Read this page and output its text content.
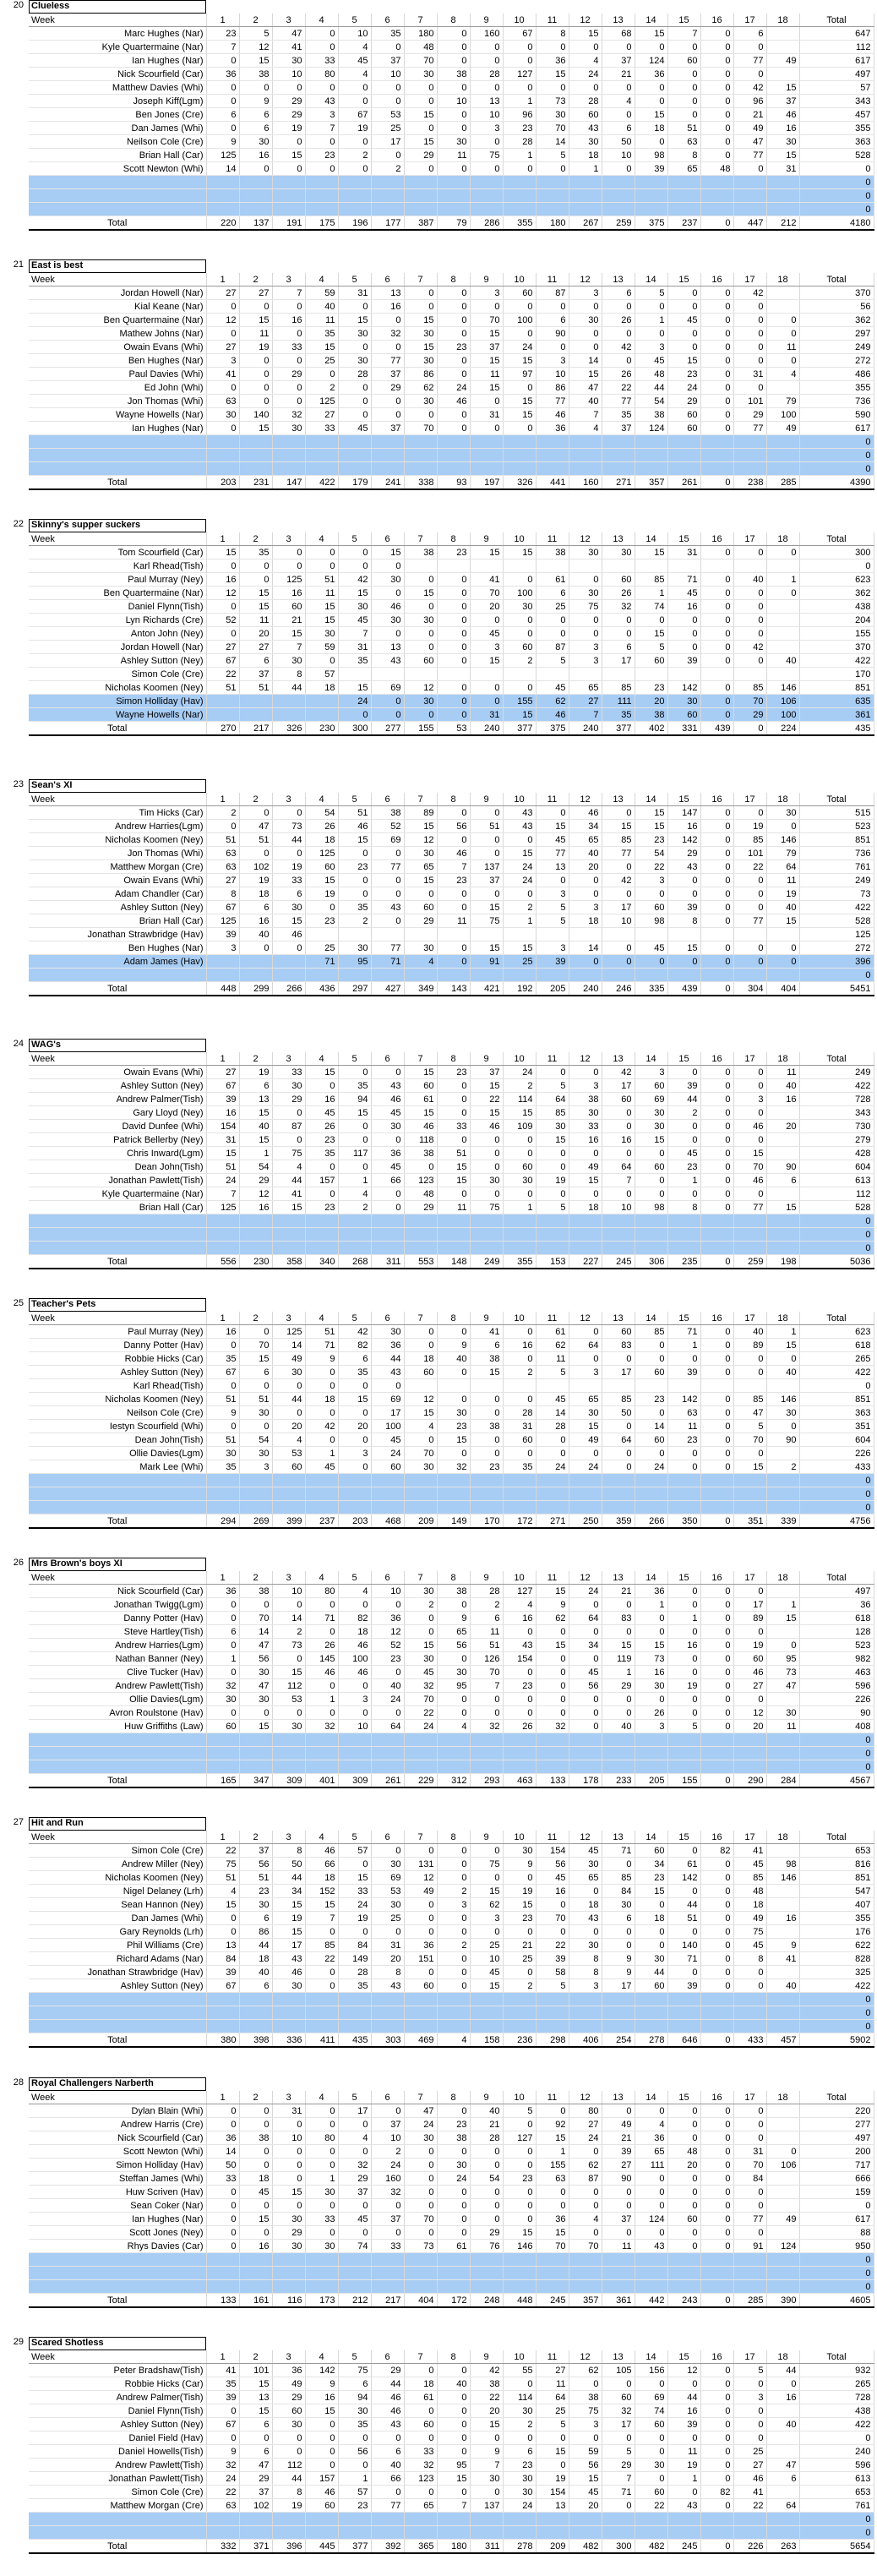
20 Clueless
Week	1	2	3	4	5	6	7	8	9	10	11	12	13	14	15	16	17	18	Total	
Marc Hughes (Nar)	23	5	47	0	10	35	180	0	160	67	8	15	68	15	7	0	6		647	
Kyle Quartermaine (Nar)	7	12	41	0	4	0	48	0	0	0	0	0	0	0	0	0	0		112	
Ian Hughes (Nar)	0	15	30	33	45	37	70	0	0	0	36	4	37	124	60	0	77	49	617	
Nick Scourfield (Car)	36	38	10	80	4	10	30	38	28	127	15	24	21	36	0	0	0		497	
Matthew Davies (Whi)	0	0	0	0	0	0	0	0	0	0	0	0	0	0	0	0	42	15	57	
Joseph Kiff(Lgm)	0	9	29	43	0	0	0	10	13	1	73	28	4	0	0	0	96	37	343	
Ben Jones (Cre)	6	6	29	3	67	53	15	0	10	96	30	60	0	15	0	0	21	46	457	
Dan James (Whi)	0	6	19	7	19	25	0	0	3	23	70	43	6	18	51	0	49	16	355	
Neilson Cole (Cre)	9	30	0	0	0	17	15	30	0	28	14	30	50	0	63	0	47	30	363	
Brian Hall (Car)	125	16	15	23	2	0	29	11	75	1	5	18	10	98	8	0	77	15	528	
Scott Newton (Whi)	14	0	0	0	0	2	0	0	0	0	0	1	0	39	65	48	0	31	0	
																			0	
																			0	
																			0	
Total	220	137	191	175	196	177	387	79	286	355	180	267	259	375	237	0	447	212	4180	
21 East is best
Week	1	2	3	4	5	6	7	8	9	10	11	12	13	14	15	16	17	18	Total
Jordan Howell (Nar)	27	27	7	59	31	13	0	0	3	60	87	3	6	5	0	0	42		370
Kial Keane (Nar)	0	0	0	40	0	16	0	0	0	0	0	0	0	0	0	0	0		56
Ben Quartermaine (Nar)	12	15	16	11	15	0	15	0	70	100	6	30	26	1	45	0	0	0	362
Mathew Johns (Nar)	0	11	0	35	30	32	30	0	15	0	90	0	0	0	0	0	0	0	297
Owain Evans (Whi)	27	19	33	15	0	0	15	23	37	24	0	0	42	3	0	0	0	11	249
Ben Hughes (Nar)	3	0	0	25	30	77	30	0	15	15	3	14	0	45	15	0	0	0	272
Paul Davies (Whi)	41	0	29	0	28	37	86	0	11	97	10	15	26	48	23	0	31	4	486
Ed John (Whi)	0	0	0	2	0	29	62	24	15	0	86	47	22	44	24	0	0		355
Jon Thomas (Whi)	63	0	0	125	0	0	30	46	0	15	77	40	77	54	29	0	101	79	736
Wayne Howells (Nar)	30	140	32	27	0	0	0	0	31	15	46	7	35	38	60	0	29	100	590
Ian Hughes (Nar)	0	15	30	33	45	37	70	0	0	0	36	4	37	124	60	0	77	49	617
																			0
																			0
																			0
Total	203	231	147	422	179	241	338	93	197	326	441	160	271	357	261	0	238	285	4390
22 Skinny's supper suckers
Week	1	2	3	4	5	6	7	8	9	10	11	12	13	14	15	16	17	18	Total	
Tom Scourfield (Car)	15	35	0	0	0	15	38	23	15	15	38	30	30	15	31	0	0	0	300	
Karl Rhead(Tish)	0	0	0	0	0	0													0	
Paul Murray (Ney)	16	0	125	51	42	30	0	0	41	0	61	0	60	85	71	0	40	1	623	
Ben Quartermaine (Nar)	12	15	16	11	15	0	15	0	70	100	6	30	26	1	45	0	0	0	362	
Daniel Flynn(Tish)	0	15	60	15	30	46	0	0	20	30	25	75	32	74	16	0	0		438	
Lyn Richards (Cre)	52	11	21	15	45	30	30	0	0	0	0	0	0	0	0	0	0		204	
Anton John (Ney)	0	20	15	30	7	0	0	0	45	0	0	0	0	15	0	0	0		155	
Jordan Howell (Nar)	27	27	7	59	31	13	0	0	3	60	87	3	6	5	0	0	42		370	
Ashley Sutton (Ney)	67	6	30	0	35	43	60	0	15	2	5	3	17	60	39	0	0	40	422	
Simon Cole (Cre)	22	37	8	57															170	
Nicholas Koomen (Ney)	51	51	44	18	15	69	12	0	0	0	45	65	85	23	142	0	85	146	851	
Simon Holliday (Hav)					24	0	30	0	0	155	62	27	111	20	30	0	70	106	635	
Wayne Howells (Nar)					0	0	0	0	31	15	46	7	35	38	60	0	29	100	361	
Total	270	217	326	230	300	277	155	53	240	377	375	240	377	402	331	439	0	224	435	
23 Sean's XI
Week	1	2	3	4	5	6	7	8	9	10	11	12	13	14	15	16	17	18	Total
Tim Hicks (Car)	2	0	0	54	51	38	89	0	0	43	0	46	0	15	147	0	0	30	515
Andrew Harries(Lgm)	0	47	73	26	46	52	15	56	51	43	15	34	15	15	16	0	19	0	523
Nicholas Koomen (Ney)	51	51	44	18	15	69	12	0	0	0	45	65	85	23	142	0	85	146	851
Jon Thomas (Whi)	63	0	0	125	0	0	30	46	0	15	77	40	77	54	29	0	101	79	736
Matthew Morgan (Cre)	63	102	19	60	23	77	65	7	137	24	13	20	0	22	43	0	22	64	761
Owain Evans (Whi)	27	19	33	15	0	0	15	23	37	24	0	0	42	3	0	0	0	11	249
Adam Chandler (Car)	8	18	6	19	0	0	0	0	0	0	3	0	0	0	0	0	0	19	73
Ashley Sutton (Ney)	67	6	30	0	35	43	60	0	15	2	5	3	17	60	39	0	0	40	422
Brian Hall (Car)	125	16	15	23	2	0	29	11	75	1	5	18	10	98	8	0	77	15	528
Jonathan Strawbridge (Hav)	39	40	46																125
Ben Hughes (Nar)	3	0	0	25	30	77	30	0	15	15	3	14	0	45	15	0	0	0	272
Adam James (Hav)				71	95	71	4	0	91	25	39	0	0	0	0	0	0	0	396
																			0
Total	448	299	266	436	297	427	349	143	421	192	205	240	246	335	439	0	304	404	5451
24 WAG's
Week	1	2	3	4	5	6	7	8	9	10	11	12	13	14	15	16	17	18	Total
Owain Evans (Whi)	27	19	33	15	0	0	15	23	37	24	0	0	42	3	0	0	0	11	249
Ashley Sutton (Ney)	67	6	30	0	35	43	60	0	15	2	5	3	17	60	39	0	0	40	422
Andrew Palmer(Tish)	39	13	29	16	94	46	61	0	22	114	64	38	60	69	44	0	3	16	728
Gary Lloyd (Ney)	16	15	0	45	15	45	15	0	15	15	85	30	0	30	2	0	0		343
David Dunfee (Whi)	154	40	87	26	0	30	46	33	46	109	30	33	0	30	0	0	46	20	730
Patrick Bellerby (Ney)	31	15	0	23	0	0	118	0	0	0	15	16	16	15	0	0	0		279
Chris Inward(Lgm)	15	1	75	35	117	36	38	51	0	0	0	0	0	0	45	0	15		428
Dean John(Tish)	51	54	4	0	0	45	0	15	0	60	0	49	64	60	23	0	70	90	604
Jonathan Pawlett(Tish)	24	29	44	157	1	66	123	15	30	30	19	15	7	0	1	0	46	6	613
Kyle Quartermaine (Nar)	7	12	41	0	4	0	48	0	0	0	0	0	0	0	0	0	0		112
Brian Hall (Car)	125	16	15	23	2	0	29	11	75	1	5	18	10	98	8	0	77	15	528
																			0
																			0
																			0
Total	556	230	358	340	268	311	553	148	249	355	153	227	245	306	235	0	259	198	5036
25 Teacher's Pets
Week	1	2	3	4	5	6	7	8	9	10	11	12	13	14	15	16	17	18	Total
Paul Murray (Ney)	16	0	125	51	42	30	0	0	41	0	61	0	60	85	71	0	40	1	623
Danny Potter (Hav)	0	70	14	71	82	36	0	9	6	16	62	64	83	0	1	0	89	15	618
Robbie Hicks (Car)	35	15	49	9	6	44	18	40	38	0	11	0	0	0	0	0	0	0	265
Ashley Sutton (Ney)	67	6	30	0	35	43	60	0	15	2	5	3	17	60	39	0	0	40	422
Karl Rhead(Tish)	0	0	0	0	0	0													0
Nicholas Koomen (Ney)	51	51	44	18	15	69	12	0	0	0	45	65	85	23	142	0	85	146	851
Neilson Cole (Cre)	9	30	0	0	0	17	15	30	0	28	14	30	50	0	63	0	47	30	363
Iestyn Scourfield (Whi)	0	0	20	42	20	100	4	23	38	31	28	15	0	14	11	0	5	0	351
Dean John(Tish)	51	54	4	0	0	45	0	15	0	60	0	49	64	60	23	0	70	90	604
Ollie Davies(Lgm)	30	30	53	1	3	24	70	0	0	0	0	0	0	0	0	0	0		226
Mark Lee (Whi)	35	3	60	45	0	60	30	32	23	35	24	24	0	24	0	0	15	2	433
																			0
																			0
																			0
Total	294	269	399	237	203	468	209	149	170	172	271	250	359	266	350	0	351	339	4756
26 Mrs Brown's boys XI
Week	1	2	3	4	5	6	7	8	9	10	11	12	13	14	15	16	17	18	Total
Nick Scourfield (Car)	36	38	10	80	4	10	30	38	28	127	15	24	21	36	0	0	0		497
Jonathan Twigg(Lgm)	0	0	0	0	0	0	2	0	2	4	9	0	0	1	0	0	17	1	36
Danny Potter (Hav)	0	70	14	71	82	36	0	9	6	16	62	64	83	0	1	0	89	15	618
Steve Hartley(Tish)	6	14	2	0	18	12	0	65	11	0	0	0	0	0	0	0	0		128
Andrew Harries(Lgm)	0	47	73	26	46	52	15	56	51	43	15	34	15	15	16	0	19	0	523
Nathan Banner (Ney)	1	56	0	145	100	23	30	0	126	154	0	0	119	73	0	0	60	95	982
Clive Tucker (Hav)	0	30	15	46	46	0	45	30	70	0	0	45	1	16	0	0	46	73	463
Andrew Pawlett(Tish)	32	47	112	0	0	40	32	95	7	23	0	56	29	30	19	0	27	47	596
Ollie Davies(Lgm)	30	30	53	1	3	24	70	0	0	0	0	0	0	0	0	0	0		226
Avron Roulstone (Hav)	0	0	0	0	0	0	22	0	0	0	0	0	0	26	0	0	12	30	90
Huw Griffiths (Law)	60	15	30	32	10	64	24	4	32	26	32	0	40	3	5	0	20	11	408
																			0
																			0
																			0
Total	165	347	309	401	309	261	229	312	293	463	133	178	233	205	155	0	290	284	4567
27 Hit and Run
Week	1	2	3	4	5	6	7	8	9	10	11	12	13	14	15	16	17	18	Total
Simon Cole (Cre)	22	37	8	46	57	0	0	0	0	30	154	45	71	60	0	82	41		653
Andrew Miller (Ney)	75	56	50	66	0	30	131	0	75	9	56	30	0	34	61	0	45	98	816
Nicholas Koomen (Ney)	51	51	44	18	15	69	12	0	0	0	45	65	85	23	142	0	85	146	851
Nigel Delaney (Lrh)	4	23	34	152	33	53	49	2	15	19	16	0	84	15	0	0	48		547
Sean Hannon (Ney)	15	30	15	15	24	30	0	3	62	15	0	18	30	0	44	0	18		407
Dan James (Whi)	0	6	19	7	19	25	0	0	3	23	70	43	6	18	51	0	49	16	355
Gary Reynolds (Lrh)	0	86	15	0	0	0	0	0	0	0	0	0	0	0	0	0	75		176
Phil Williams (Cre)	13	44	17	85	84	31	36	2	25	21	22	30	0	0	140	0	45	9	622
Richard Adams (Nar)	84	18	43	22	149	20	151	0	10	25	39	8	9	30	71	0	8	41	828
Jonathan Strawbridge (Hav)	39	40	46	0	28	8	0	0	45	0	58	8	9	44	0	0	0		325
Ashley Sutton (Ney)	67	6	30	0	35	43	60	0	15	2	5	3	17	60	39	0	0	40	422
																			0
																			0
																			0
Total	380	398	336	411	435	303	469	4	158	236	298	406	254	278	646	0	433	457	5902
28 Royal Challengers Narberth
Week	1	2	3	4	5	6	7	8	9	10	11	12	13	14	15	16	17	18	Total
Dylan Blain (Whi)	0	0	31	0	17	0	47	0	40	5	0	80	0	0	0	0	0		220
Andrew Harris (Cre)	0	0	0	0	0	37	24	23	21	0	92	27	49	4	0	0	0		277
Nick Scourfield (Car)	36	38	10	80	4	10	30	38	28	127	15	24	21	36	0	0	0		497
Scott Newton (Whi)	14	0	0	0	0	2	0	0	0	0	1	0	39	65	48	0	31	0	200
Simon Holliday (Hav)	50	0	0	0	32	24	0	30	0	0	155	62	27	111	20	0	70	106	717
Steffan James (Whi)	33	18	0	1	29	160	0	24	54	23	63	87	90	0	0	0	84		666
Huw Scriven (Hav)	0	45	15	30	37	32	0	0	0	0	0	0	0	0	0	0	0		159
Sean Coker (Nar)	0	0	0	0	0	0	0	0	0	0	0	0	0	0	0	0	0		0
Ian Hughes (Nar)	0	15	30	33	45	37	70	0	0	0	36	4	37	124	60	0	77	49	617
Scott Jones (Ney)	0	0	29	0	0	0	0	0	29	15	15	0	0	0	0	0	0		88
Rhys Davies (Car)	0	16	30	30	74	33	73	61	76	146	70	70	11	43	0	0	91	124	950
																			0
																			0
																			0
Total	133	161	116	173	212	217	404	172	248	448	245	357	361	442	243	0	285	390	4605
29 Scared Shotless
Week	1	2	3	4	5	6	7	8	9	10	11	12	13	14	15	16	17	18	Total
Peter Bradshaw(Tish)	41	101	36	142	75	29	0	0	42	55	27	62	105	156	12	0	5	44	932
Robbie Hicks (Car)	35	15	49	9	6	44	18	40	38	0	11	0	0	0	0	0	0	0	265
Andrew Palmer(Tish)	39	13	29	16	94	46	61	0	22	114	64	38	60	69	44	0	3	16	728
Daniel Flynn(Tish)	0	15	60	15	30	46	0	0	20	30	25	75	32	74	16	0	0		438
Ashley Sutton (Ney)	67	6	30	0	35	43	60	0	15	2	5	3	17	60	39	0	0	40	422
Daniel Field (Hav)	0	0	0	0	0	0	0	0	0	0	0	0	0	0	0	0	0		0
Daniel Howells(Tish)	9	6	0	0	56	6	33	0	9	6	15	59	5	0	11	0	25		240
Andrew Pawlett(Tish)	32	47	112	0	0	40	32	95	7	23	0	56	29	30	19	0	27	47	596
Jonathan Pawlett(Tish)	24	29	44	157	1	66	123	15	30	30	19	15	7	0	1	0	46	6	613
Simon Cole (Cre)	22	37	8	46	57	0	0	0	0	30	154	45	71	60	0	82	41		653
Matthew Morgan (Cre)	63	102	19	60	23	77	65	7	137	24	13	20	0	22	43	0	22	64	761
																			0
																			0
Total	332	371	396	445	377	392	365	180	311	278	209	482	300	482	245	0	226	263	5654
